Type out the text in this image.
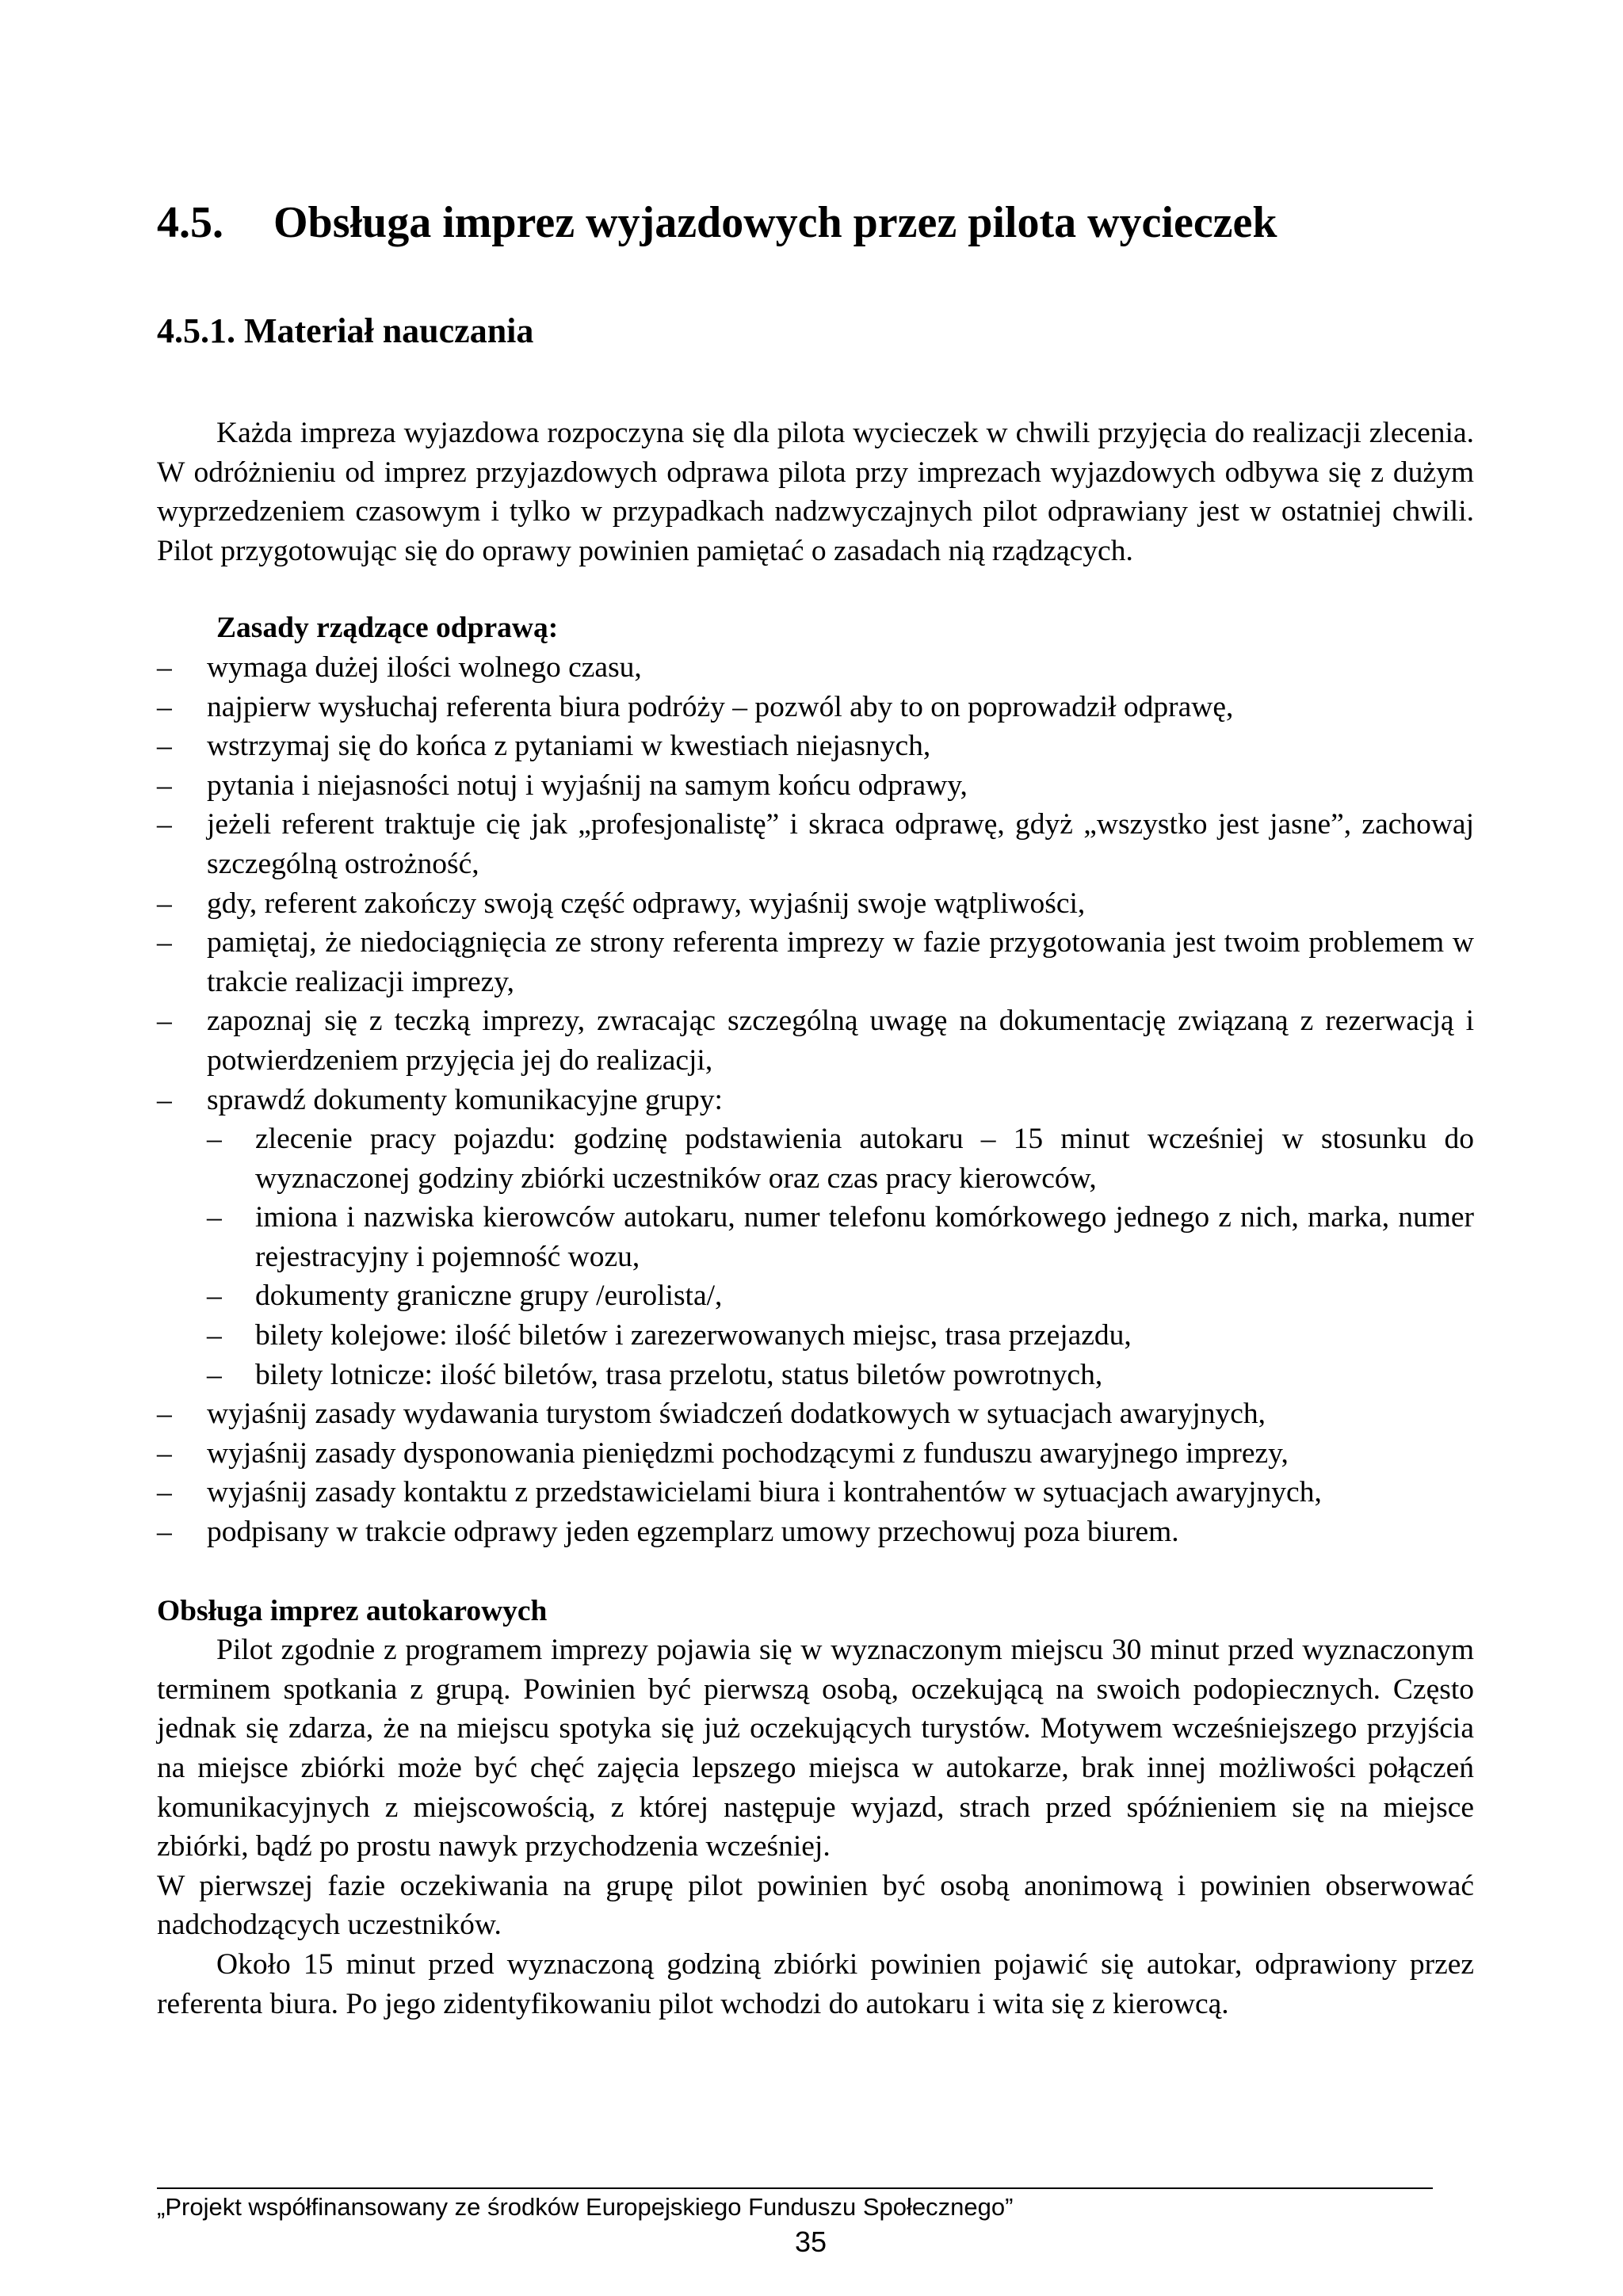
4.5. Obsługa imprez wyjazdowych przez pilota wycieczek
4.5.1. Materiał nauczania

Każda impreza wyjazdowa rozpoczyna się dla pilota wycieczek w chwili przyjęcia do realizacji zlecenia. W odróżnieniu od imprez przyjazdowych odprawa pilota przy imprezach wyjazdowych odbywa się z dużym wyprzedzeniem czasowym i tylko w przypadkach nadzwyczajnych pilot odprawiany jest w ostatniej chwili. Pilot przygotowując się do oprawy powinien pamiętać o zasadach nią rządzących.

Zasady rządzące odprawą:

– wymaga dużej ilości wolnego czasu,
– najpierw wysłuchaj referenta biura podróży – pozwól aby to on poprowadził odprawę,
– wstrzymaj się do końca z pytaniami w kwestiach niejasnych,
– pytania i niejasności notuj i wyjaśnij na samym końcu odprawy,
– jeżeli referent traktuje cię jak „profesjonalistę” i skraca odprawę, gdyż „wszystko jest jasne”, zachowaj szczególną ostrożność,
– gdy, referent zakończy swoją część odprawy, wyjaśnij swoje wątpliwości,
– pamiętaj, że niedociągnięcia ze strony referenta imprezy w fazie przygotowania jest twoim problemem w trakcie realizacji imprezy,
– zapoznaj się z teczką imprezy, zwracając szczególną uwagę na dokumentację związaną z rezerwacją i potwierdzeniem przyjęcia jej do realizacji,
– sprawdź dokumenty komunikacyjne grupy:
– zlecenie pracy pojazdu: godzinę podstawienia autokaru – 15 minut wcześniej w stosunku do wyznaczonej godziny zbiórki uczestników oraz czas pracy kierowców,
– imiona i nazwiska kierowców autokaru, numer telefonu komórkowego jednego z nich, marka, numer rejestracyjny i pojemność wozu,
– dokumenty graniczne grupy /eurolista/,
– bilety kolejowe: ilość biletów i zarezerwowanych miejsc, trasa przejazdu,
– bilety lotnicze: ilość biletów, trasa przelotu, status biletów powrotnych,
– wyjaśnij zasady wydawania turystom świadczeń dodatkowych w sytuacjach awaryjnych,
– wyjaśnij zasady dysponowania pieniędzmi pochodzącymi z funduszu awaryjnego imprezy,
– wyjaśnij zasady kontaktu z przedstawicielami biura i kontrahentów w sytuacjach awaryjnych,
– podpisany w trakcie odprawy jeden egzemplarz umowy przechowuj poza biurem.

Obsługa imprez autokarowych

Pilot zgodnie z programem imprezy pojawia się w wyznaczonym miejscu 30 minut przed wyznaczonym terminem spotkania z grupą. Powinien być pierwszą osobą, oczekującą na swoich podopiecznych. Często jednak się zdarza, że na miejscu spotyka się już oczekujących turystów. Motywem wcześniejszego przyjścia na miejsce zbiórki może być chęć zajęcia lepszego miejsca w autokarze, brak innej możliwości połączeń komunikacyjnych z miejscowością, z której następuje wyjazd, strach przed spóźnieniem się na miejsce zbiórki, bądź po prostu nawyk przychodzenia wcześniej.

W pierwszej fazie oczekiwania na grupę pilot powinien być osobą anonimową i powinien obserwować nadchodzących uczestników.

Około 15 minut przed wyznaczoną godziną zbiórki powinien pojawić się autokar, odprawiony przez referenta biura. Po jego zidentyfikowaniu pilot wchodzi do autokaru i wita się z kierowcą.

„Projekt współfinansowany ze środków Europejskiego Funduszu Społecznego”
35
